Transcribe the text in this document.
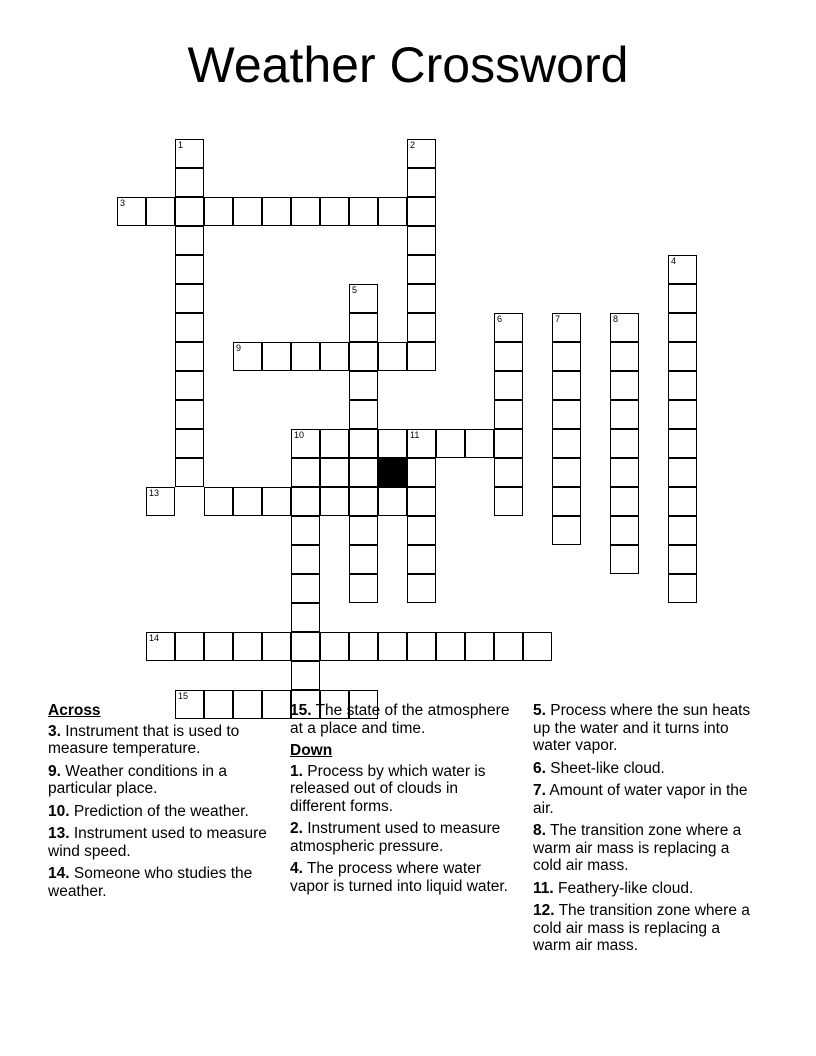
Weather Crossword
1	2
3
4
5
6	7	8
9
10	11
13
14
15
Across
3. Instrument that is used to measure temperature.
9. Weather conditions in a particular place.
10. Prediction of the weather.
13. Instrument used to measure wind speed.
14. Someone who studies the weather.
15. The state of the atmosphere at a place and time.
Down
1. Process by which water is released out of clouds in different forms.
2. Instrument used to measure atmospheric pressure.
4. The process where water vapor is turned into liquid water.
5. Process where the sun heats up the water and it turns into water vapor.
6. Sheet-like cloud.
7. Amount of water vapor in the air.
8. The transition zone where a warm air mass is replacing a cold air mass.
11. Feathery-like cloud.
12. The transition zone where a cold air mass is replacing a warm air mass.
